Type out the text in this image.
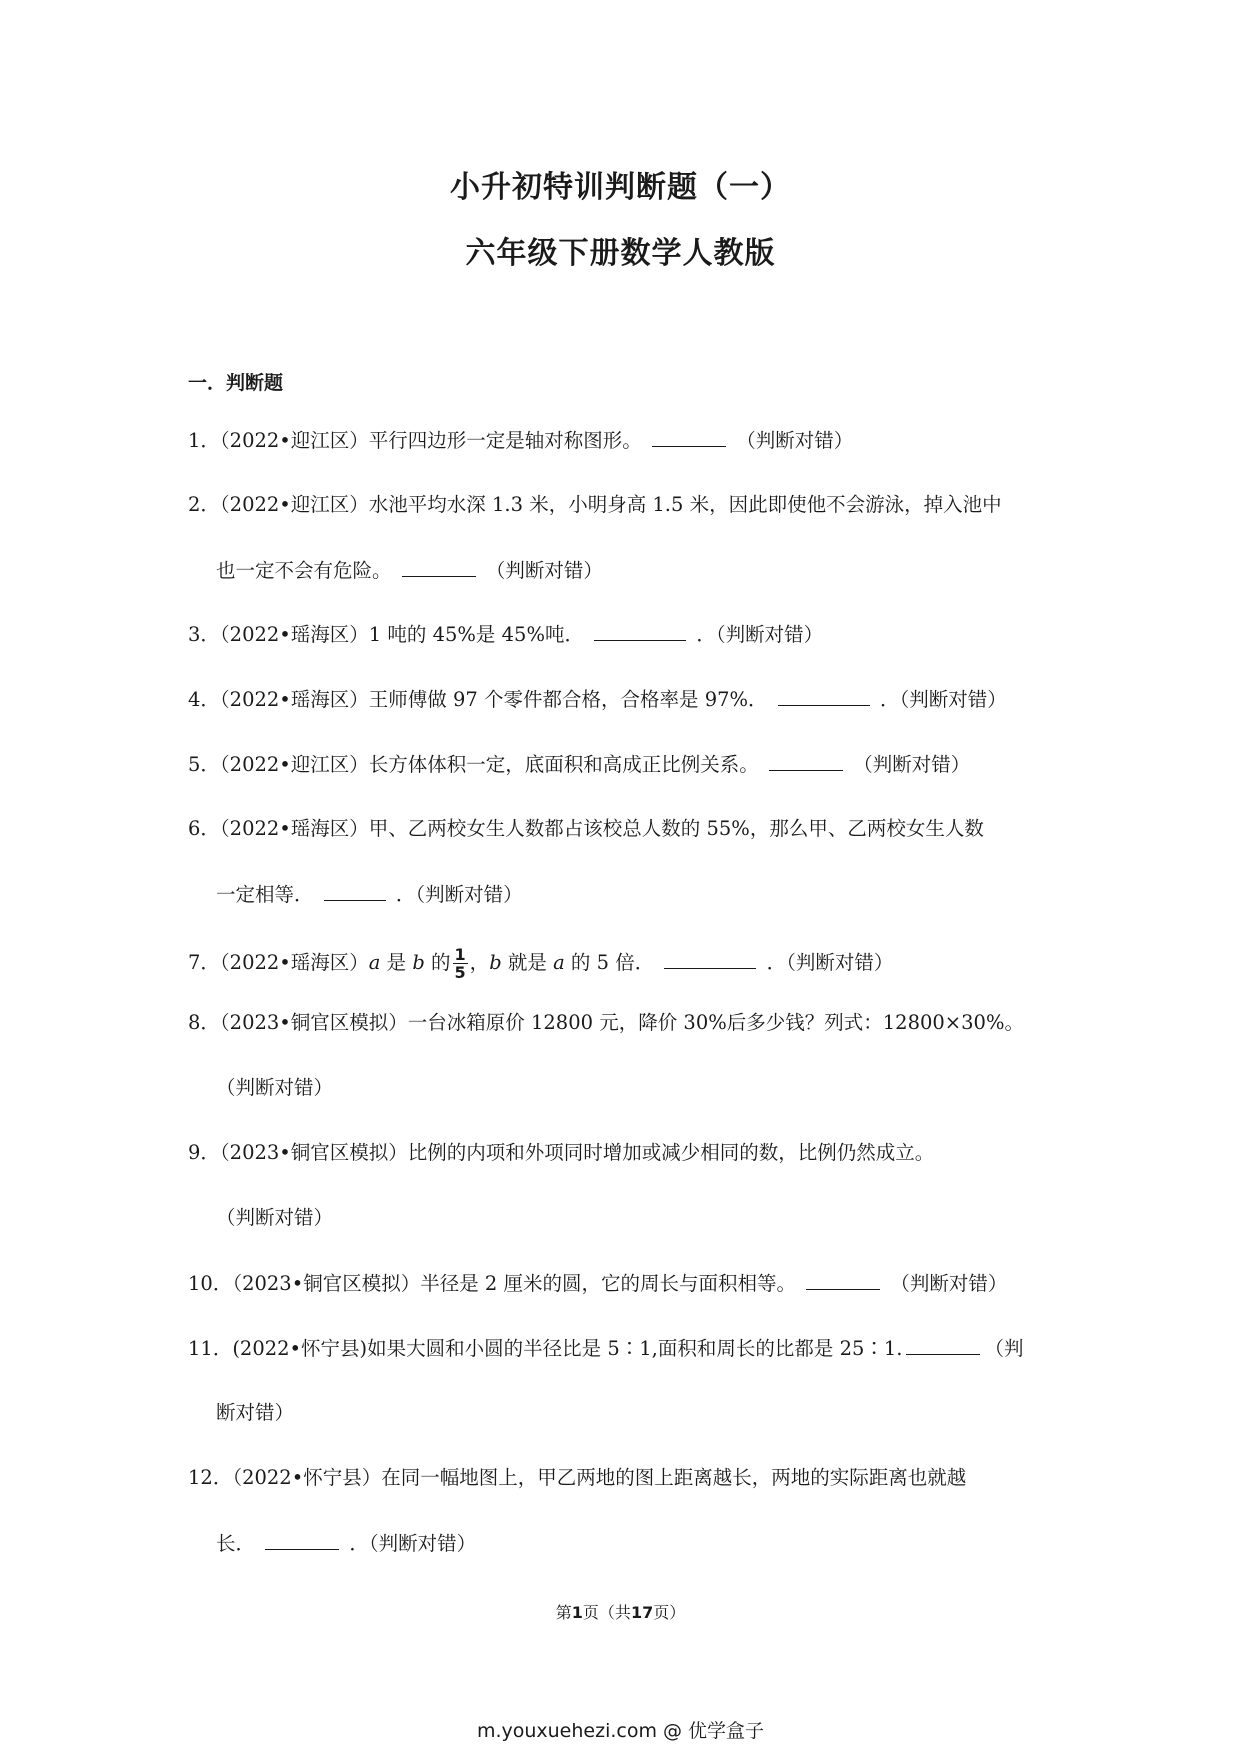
小升初特训判断题（一）
六年级下册数学人教版
一．判断题
1．（2022•迎江区）平行四边形一定是轴对称图形。	（判断对错）
2．（2022•迎江区）水池平均水深 1.3 米，小明身高 1.5 米，因此即使他不会游泳，掉入池中
也一定不会有危险。	（判断对错）
3．（2022•瑶海区）1 吨的 45%是 45%吨．	．（判断对错）
4．（2022•瑶海区）王师傅做 97 个零件都合格，合格率是 97%．	．（判断对错）
5．（2022•迎江区）长方体体积一定，底面积和高成正比例关系。	（判断对错）
6．（2022•瑶海区）甲、乙两校女生人数都占该校总人数的 55%，那么甲、乙两校女生人数
一定相等．	．（判断对错）
7．（2022•瑶海区）a 是 b 的 $\frac{1}{5}$ ，b 就是 a 的 5 倍．	．（判断对错）
8．（2023•铜官区模拟）一台冰箱原价 12800 元，降价 30%后多少钱？列式：12800×30%。
（判断对错）
9．（2023•铜官区模拟）比例的内项和外项同时增加或减少相同的数，比例仍然成立。
（判断对错）
10．（2023•铜官区模拟）半径是 2 厘米的圆，它的周长与面积相等。	（判断对错）
11．(2022•怀宁县)如果大圆和小圆的半径比是 5∶1,面积和周长的比都是 25∶1.	（判
断对错）
12．（2022•怀宁县）在同一幅地图上，甲乙两地的图上距离越长，两地的实际距离也就越
长．	．（判断对错）
第1页（共17页）
m.youxuehezi.com @ 优学盒子
